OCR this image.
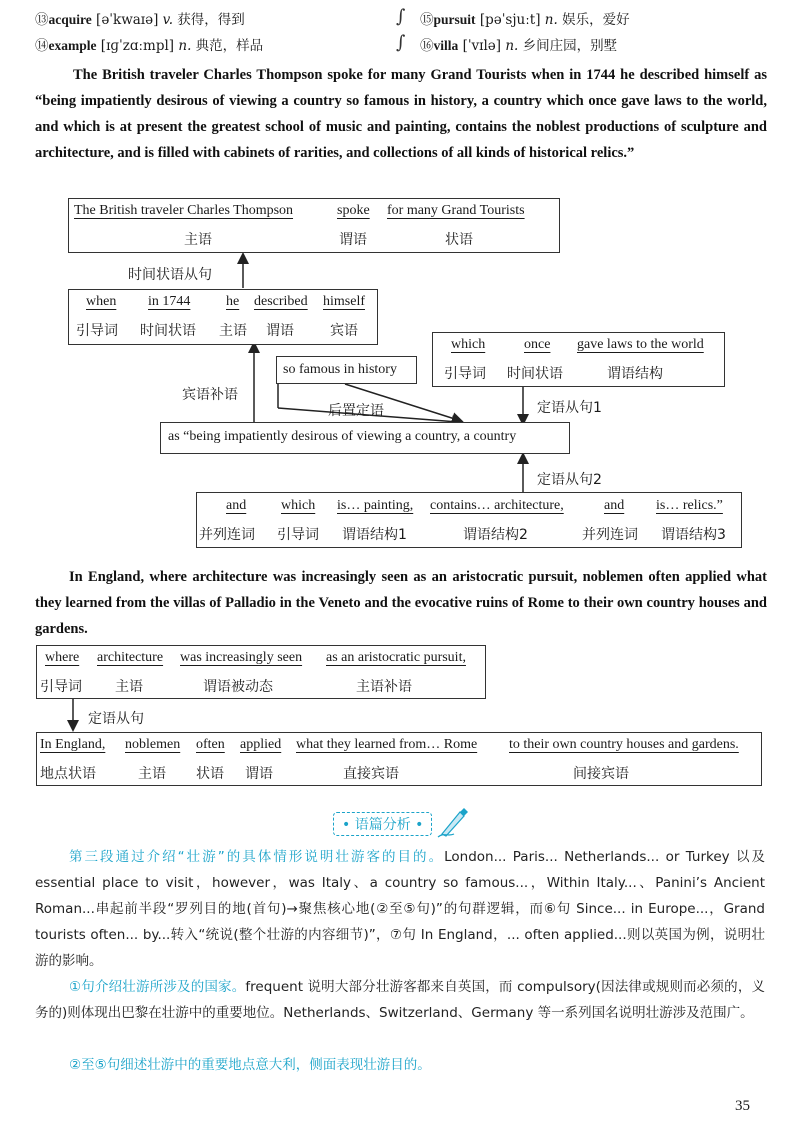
⑬acquire [əˈkwaɪə] v. 获得，得到
⑭example [ɪɡˈzɑːmpl] n. 典范，样品
∫
∫
⑮pursuit [pəˈsjuːt] n. 娱乐，爱好
⑯villa [ˈvɪlə] n. 乡间庄园，别墅
The British traveler Charles Thompson spoke for many Grand Tourists when in 1744 he described himself as “being impatiently desirous of viewing a country so famous in history, a country which once gave laws to the world, and which is at present the greatest school of music and painting, contains the noblest productions of sculpture and architecture, and is filled with cabinets of rarities, and collections of all kinds of historical relics.”
The British traveler Charles Thompson
主语
spoke
谓语
for many Grand Tourists
状语
时间状语从句
when
引导词
in 1744
时间状语
he
主语
described
谓语
himself
宾语
so famous in history
which
引导词
once
时间状语
gave laws to the world
谓语结构
宾语补语
后置定语	定语从句1
as “being impatiently desirous of viewing a country, a country
定语从句2
and
并列连词
which
引导词
is… painting,
谓语结构1
contains… architecture,
谓语结构2
and
并列连词
is… relics.”
谓语结构3
In England, where architecture was increasingly seen as an aristocratic pursuit, noblemen often applied what they learned from the villas of Palladio in the Veneto and the evocative ruins of Rome to their own country houses and gardens.
where
引导词
architecture
主语
was increasingly seen
谓语被动态
as an aristocratic pursuit,
主语补语
定语从句
In England,
地点状语
noblemen
主语
often
状语
applied
谓语
what they learned from… Rome
直接宾语
to their own country houses and gardens.
间接宾语
• 语篇分析 •
第三段通过介绍“壮游”的具体情形说明壮游客的目的。London... Paris... Netherlands... or Turkey 以及 essential place to visit，however，was Italy、a country so famous...，Within Italy...、Panini’s Ancient Roman...串起前半段“罗列目的地(首句)→聚焦核心地(②至⑤句)”的句群逻辑，而⑥句 Since... in Europe...，Grand tourists often... by...转入“统说(整个壮游的内容细节)”，⑦句 In England，... often applied...则以英国为例，说明壮游的影响。
①句介绍壮游所涉及的国家。frequent 说明大部分壮游客都来自英国，而 compulsory(因法律或规则而必须的，义务的)则体现出巴黎在壮游中的重要地位。Netherlands、Switzerland、Germany 等一系列国名说明壮游涉及范围广。
②至⑤句细述壮游中的重要地点意大利，侧面表现壮游目的。
35
